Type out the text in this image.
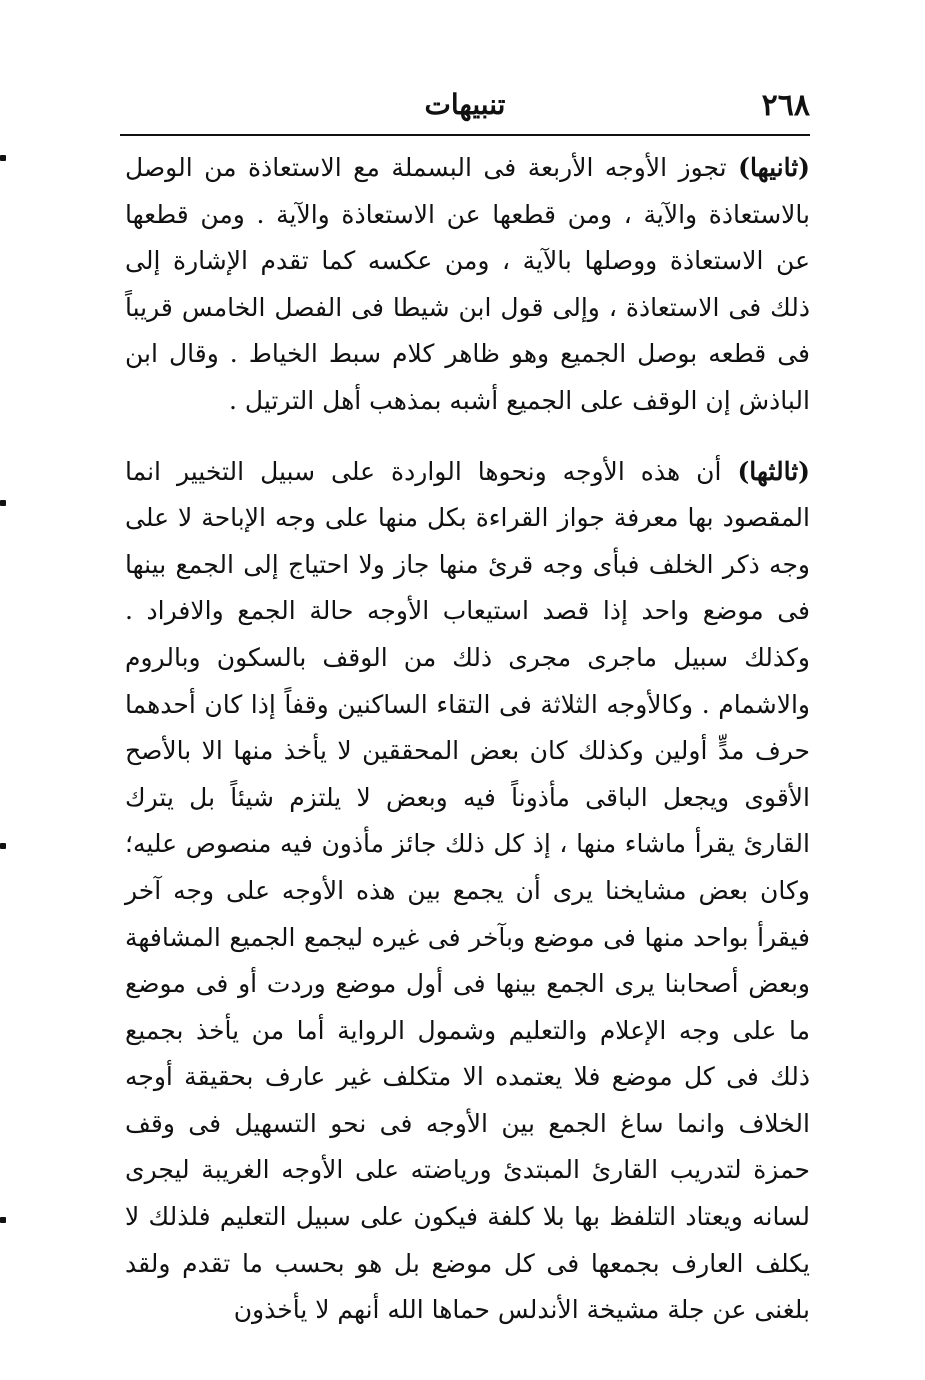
٢٦٨
تنبيهات

(ثانيها) تجوز الأوجه الأربعة فى البسملة مع الاستعاذة من الوصل بالاستعاذة والآية ، ومن قطعها عن الاستعاذة والآية . ومن قطعها عن الاستعاذة ووصلها بالآية ، ومن عكسه كما تقدم الإشارة إلى ذلك فى الاستعاذة ، وإلى قول ابن شيطا فى الفصل الخامس قريباً فى قطعه بوصل الجميع وهو ظاهر كلام سبط الخياط . وقال ابن الباذش إن الوقف على الجميع أشبه بمذهب أهل الترتيل .

(ثالثها) أن هذه الأوجه ونحوها الواردة على سبيل التخيير انما المقصود بها معرفة جواز القراءة بكل منها على وجه الإباحة لا على وجه ذكر الخلف فبأى وجه قرئ منها جاز ولا احتياج إلى الجمع بينها فى موضع واحد إذا قصد استيعاب الأوجه حالة الجمع والافراد . وكذلك سبيل ماجرى مجرى ذلك من الوقف بالسكون وبالروم والاشمام . وكالأوجه الثلاثة فى التقاء الساكنين وقفاً إذا كان أحدهما حرف مدٍّ أولين وكذلك كان بعض المحققين لا يأخذ منها الا بالأصح الأقوى ويجعل الباقى مأذوناً فيه وبعض لا يلتزم شيئاً بل يترك القارئ يقرأ ماشاء منها ، إذ كل ذلك جائز مأذون فيه منصوص عليه؛ وكان بعض مشايخنا يرى أن يجمع بين هذه الأوجه على وجه آخر فيقرأ بواحد منها فى موضع وبآخر فى غيره ليجمع الجميع المشافهة وبعض أصحابنا يرى الجمع بينها فى أول موضع وردت أو فى موضع ما على وجه الإعلام والتعليم وشمول الرواية أما من يأخذ بجميع ذلك فى كل موضع فلا يعتمده الا متكلف غير عارف بحقيقة أوجه الخلاف وانما ساغ الجمع بين الأوجه فى نحو التسهيل فى وقف حمزة لتدريب القارئ المبتدئ ورياضته على الأوجه الغريبة ليجرى لسانه ويعتاد التلفظ بها بلا كلفة فيكون على سبيل التعليم فلذلك لا يكلف العارف بجمعها فى كل موضع بل هو بحسب ما تقدم ولقد بلغنى عن جلة مشيخة الأندلس حماها الله أنهم لا يأخذون
